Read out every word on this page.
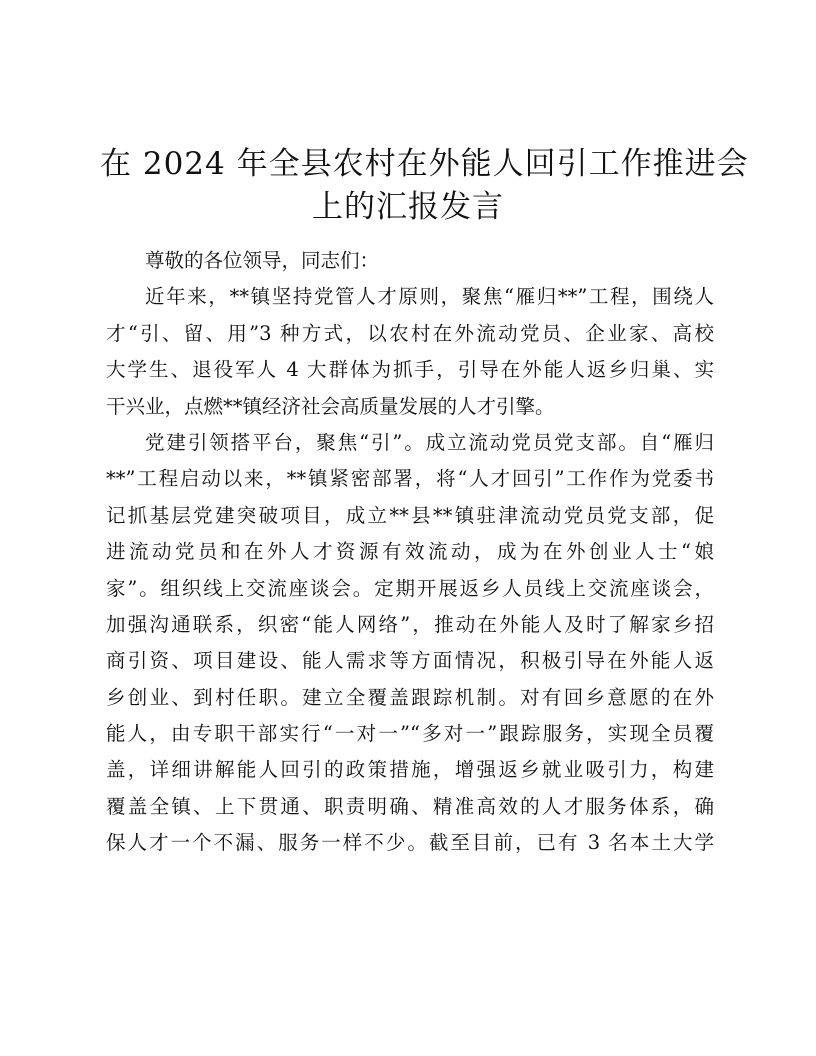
在 2024 年全县农村在外能人回引工作推进会
上的汇报发言
尊敬的各位领导，同志们：
近年来，**镇坚持党管人才原则，聚焦“雁归**”工程，围绕人
才“引、留、用”3 种方式，以农村在外流动党员、企业家、高校
大学生、退役军人 4 大群体为抓手，引导在外能人返乡归巢、实
干兴业，点燃**镇经济社会高质量发展的人才引擎。
党建引领搭平台，聚焦“引”。成立流动党员党支部。自“雁归
**”工程启动以来，**镇紧密部署，将“人才回引”工作作为党委书
记抓基层党建突破项目，成立**县**镇驻津流动党员党支部，促
进流动党员和在外人才资源有效流动，成为在外创业人士“娘
家”。组织线上交流座谈会。定期开展返乡人员线上交流座谈会，
加强沟通联系，织密“能人网络”，推动在外能人及时了解家乡招
商引资、项目建设、能人需求等方面情况，积极引导在外能人返
乡创业、到村任职。建立全覆盖跟踪机制。对有回乡意愿的在外
能人，由专职干部实行“一对一”“多对一”跟踪服务，实现全员覆
盖，详细讲解能人回引的政策措施，增强返乡就业吸引力，构建
覆盖全镇、上下贯通、职责明确、精准高效的人才服务体系，确
保人才一个不漏、服务一样不少。截至目前，已有 3 名本土大学
